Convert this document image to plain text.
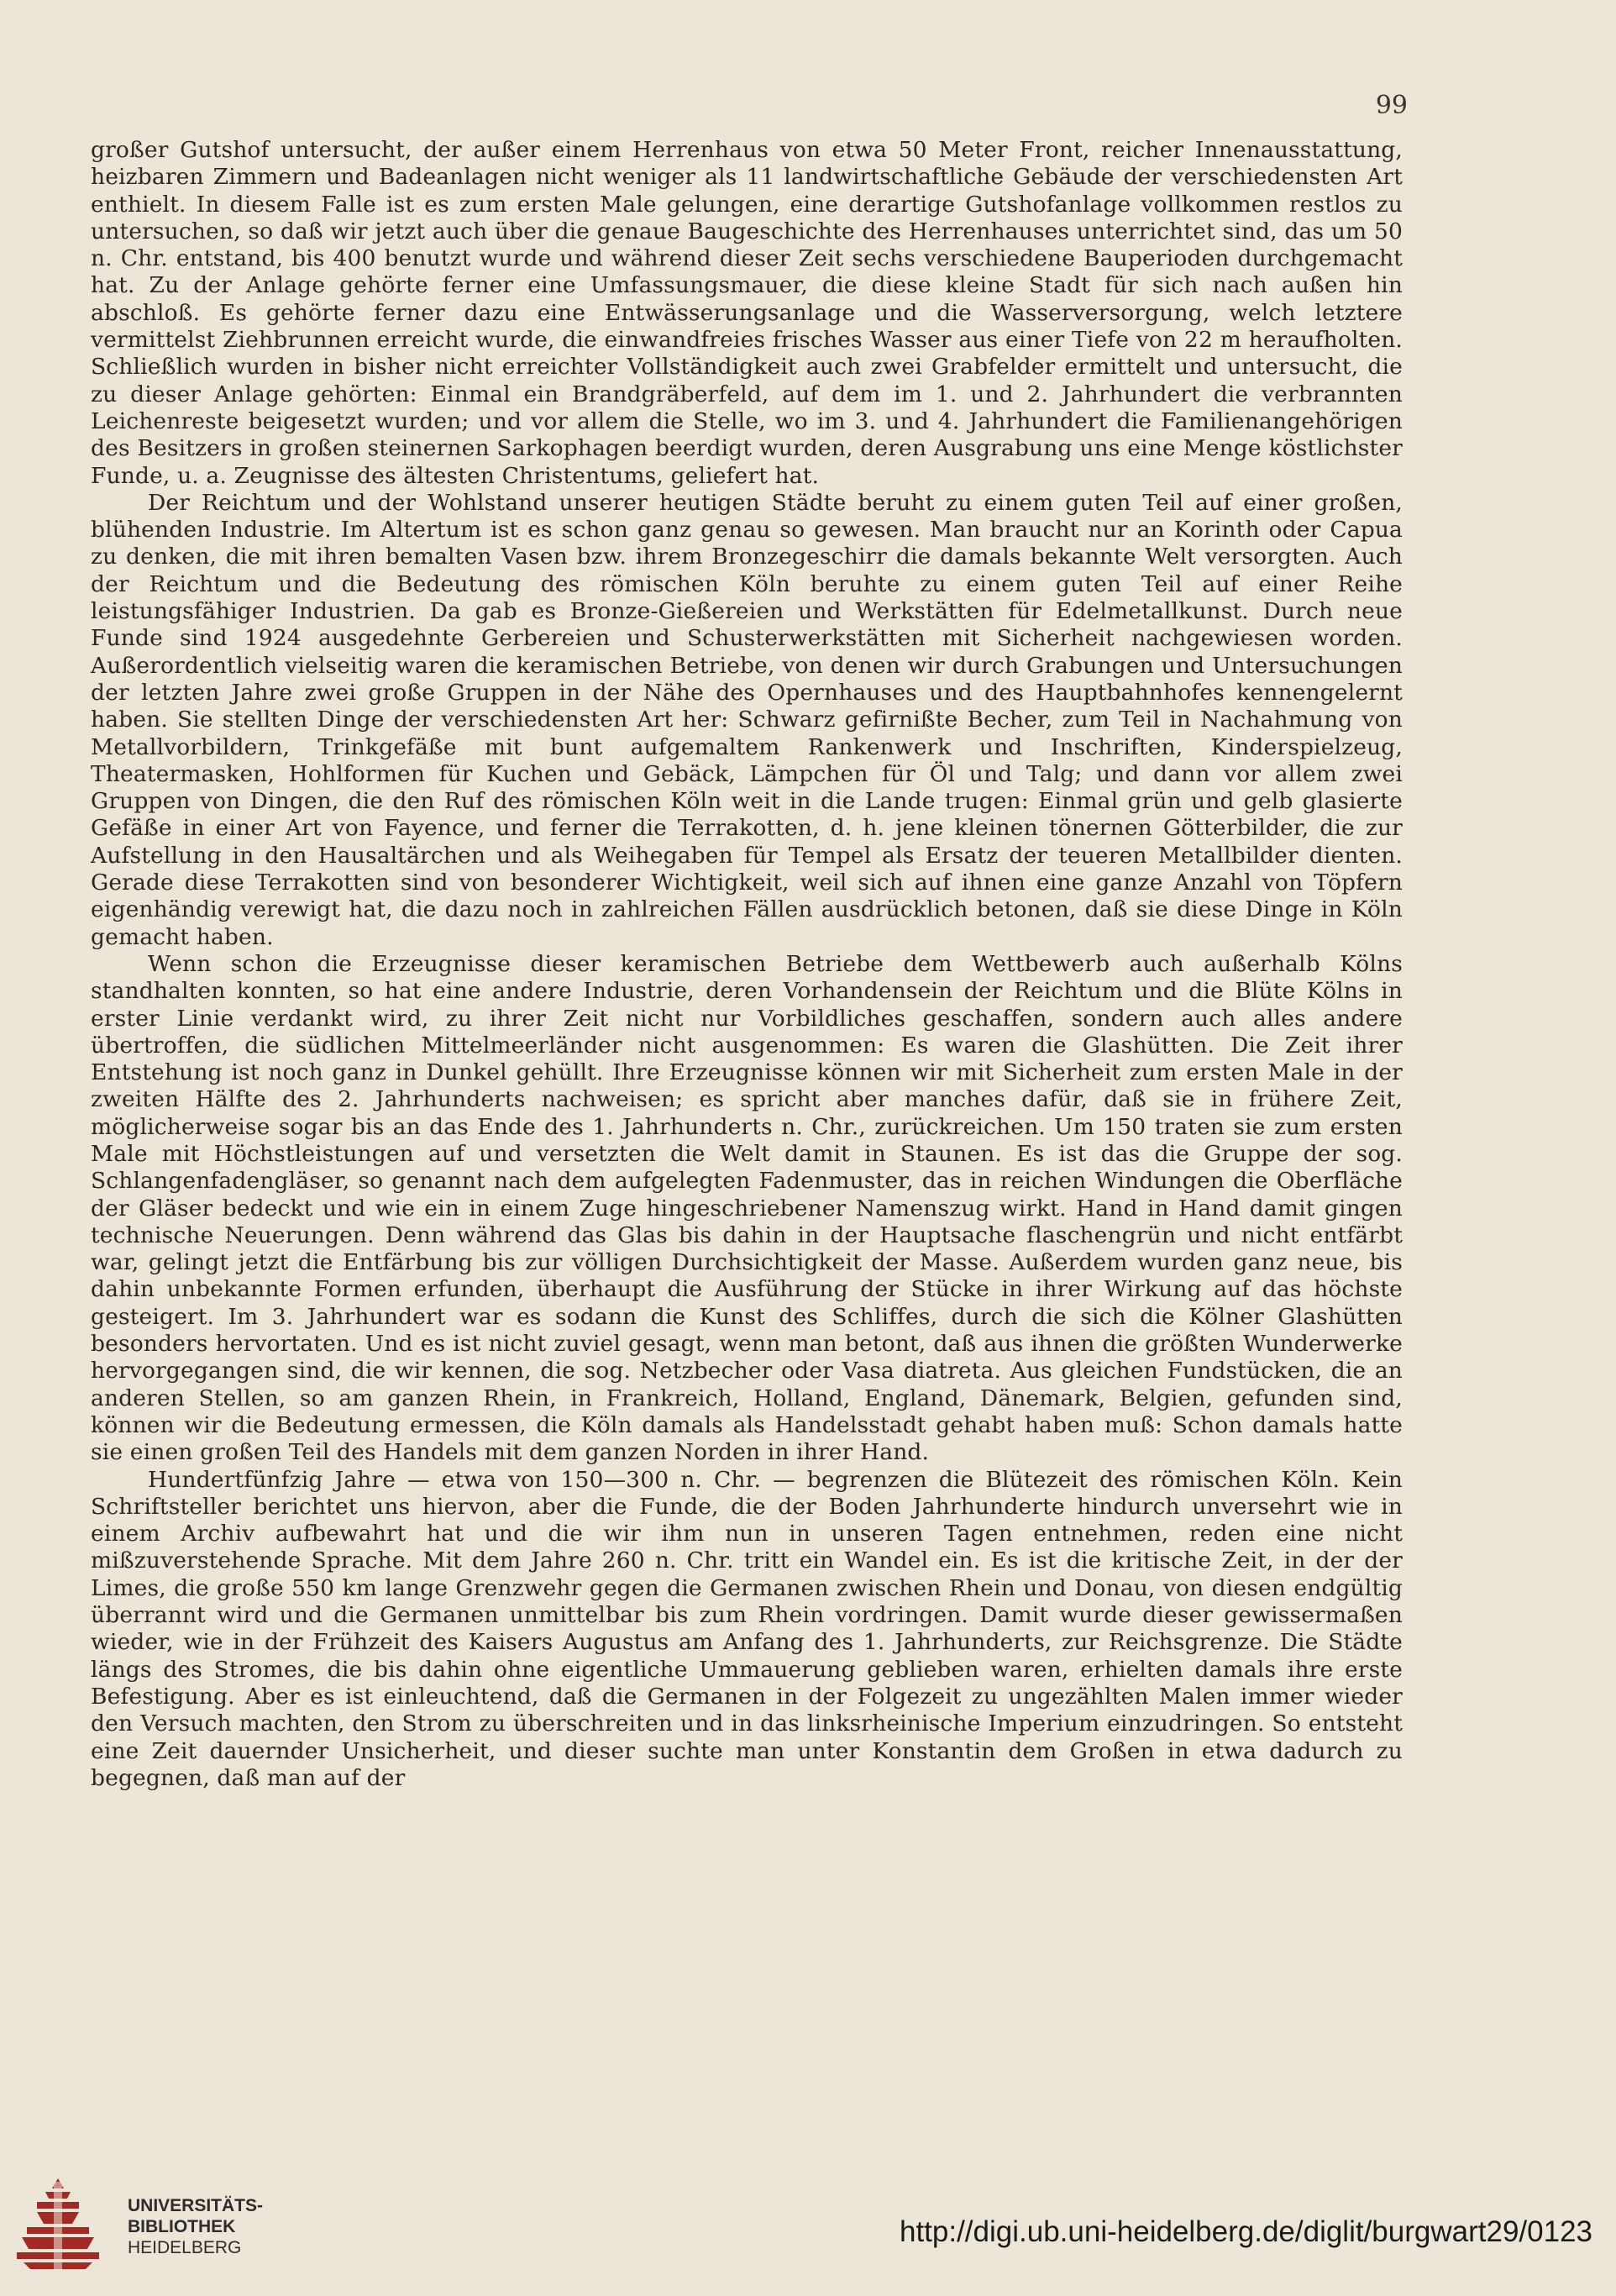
99

großer Gutshof untersucht, der außer einem Herrenhaus von etwa 50 Meter Front, reicher Innenausstattung, heizbaren Zimmern und Badeanlagen nicht weniger als 11 landwirtschaftliche Gebäude der verschiedensten Art enthielt. In diesem Falle ist es zum ersten Male gelungen, eine derartige Gutshofanlage vollkommen restlos zu untersuchen, so daß wir jetzt auch über die genaue Baugeschichte des Herrenhauses unterrichtet sind, das um 50 n. Chr. entstand, bis 400 benutzt wurde und während dieser Zeit sechs verschiedene Bauperioden durchgemacht hat. Zu der Anlage gehörte ferner eine Umfassungsmauer, die diese kleine Stadt für sich nach außen hin abschloß. Es gehörte ferner dazu eine Entwässerungsanlage und die Wasserversorgung, welch letztere vermittelst Ziehbrunnen erreicht wurde, die einwandfreies frisches Wasser aus einer Tiefe von 22 m heraufholten. Schließlich wurden in bisher nicht erreichter Vollständigkeit auch zwei Grabfelder ermittelt und untersucht, die zu dieser Anlage gehörten: Einmal ein Brandgräberfeld, auf dem im 1. und 2. Jahrhundert die verbrannten Leichenreste beigesetzt wurden; und vor allem die Stelle, wo im 3. und 4. Jahrhundert die Familienangehörigen des Besitzers in großen steinernen Sarkophagen beerdigt wurden, deren Ausgrabung uns eine Menge köstlichster Funde, u. a. Zeugnisse des ältesten Christentums, geliefert hat.

Der Reichtum und der Wohlstand unserer heutigen Städte beruht zu einem guten Teil auf einer großen, blühenden Industrie. Im Altertum ist es schon ganz genau so gewesen. Man braucht nur an Korinth oder Capua zu denken, die mit ihren bemalten Vasen bzw. ihrem Bronzegeschirr die damals bekannte Welt versorgten. Auch der Reichtum und die Bedeutung des römischen Köln beruhte zu einem guten Teil auf einer Reihe leistungsfähiger Industrien. Da gab es Bronze-Gießereien und Werkstätten für Edelmetallkunst. Durch neue Funde sind 1924 ausgedehnte Gerbereien und Schusterwerkstätten mit Sicherheit nachgewiesen worden. Außerordentlich vielseitig waren die keramischen Betriebe, von denen wir durch Grabungen und Untersuchungen der letzten Jahre zwei große Gruppen in der Nähe des Opernhauses und des Hauptbahnhofes kennengelernt haben. Sie stellten Dinge der verschiedensten Art her: Schwarz gefirnißte Becher, zum Teil in Nachahmung von Metallvorbildern, Trinkgefäße mit bunt aufgemaltem Rankenwerk und Inschriften, Kinderspielzeug, Theatermasken, Hohlformen für Kuchen und Gebäck, Lämpchen für Öl und Talg; und dann vor allem zwei Gruppen von Dingen, die den Ruf des römischen Köln weit in die Lande trugen: Einmal grün und gelb glasierte Gefäße in einer Art von Fayence, und ferner die Terrakotten, d. h. jene kleinen tönernen Götterbilder, die zur Aufstellung in den Hausaltärchen und als Weihegaben für Tempel als Ersatz der teueren Metallbilder dienten. Gerade diese Terrakotten sind von besonderer Wichtigkeit, weil sich auf ihnen eine ganze Anzahl von Töpfern eigenhändig verewigt hat, die dazu noch in zahlreichen Fällen ausdrücklich betonen, daß sie diese Dinge in Köln gemacht haben.

Wenn schon die Erzeugnisse dieser keramischen Betriebe dem Wettbewerb auch außerhalb Kölns standhalten konnten, so hat eine andere Industrie, deren Vorhandensein der Reichtum und die Blüte Kölns in erster Linie verdankt wird, zu ihrer Zeit nicht nur Vorbildliches geschaffen, sondern auch alles andere übertroffen, die südlichen Mittelmeerländer nicht ausgenommen: Es waren die Glashütten. Die Zeit ihrer Entstehung ist noch ganz in Dunkel gehüllt. Ihre Erzeugnisse können wir mit Sicherheit zum ersten Male in der zweiten Hälfte des 2. Jahrhunderts nachweisen; es spricht aber manches dafür, daß sie in frühere Zeit, möglicherweise sogar bis an das Ende des 1. Jahrhunderts n. Chr., zurückreichen. Um 150 traten sie zum ersten Male mit Höchstleistungen auf und versetzten die Welt damit in Staunen. Es ist das die Gruppe der sog. Schlangenfadengläser, so genannt nach dem aufgelegten Fadenmuster, das in reichen Windungen die Oberfläche der Gläser bedeckt und wie ein in einem Zuge hingeschriebener Namenszug wirkt. Hand in Hand damit gingen technische Neuerungen. Denn während das Glas bis dahin in der Hauptsache flaschengrün und nicht entfärbt war, gelingt jetzt die Entfärbung bis zur völligen Durchsichtigkeit der Masse. Außerdem wurden ganz neue, bis dahin unbekannte Formen erfunden, überhaupt die Ausführung der Stücke in ihrer Wirkung auf das höchste gesteigert. Im 3. Jahrhundert war es sodann die Kunst des Schliffes, durch die sich die Kölner Glashütten besonders hervortaten. Und es ist nicht zuviel gesagt, wenn man betont, daß aus ihnen die größten Wunderwerke hervorgegangen sind, die wir kennen, die sog. Netzbecher oder Vasa diatreta. Aus gleichen Fundstücken, die an anderen Stellen, so am ganzen Rhein, in Frankreich, Holland, England, Dänemark, Belgien, gefunden sind, können wir die Bedeutung ermessen, die Köln damals als Handelsstadt gehabt haben muß: Schon damals hatte sie einen großen Teil des Handels mit dem ganzen Norden in ihrer Hand.

Hundertfünfzig Jahre — etwa von 150—300 n. Chr. — begrenzen die Blütezeit des römischen Köln. Kein Schriftsteller berichtet uns hiervon, aber die Funde, die der Boden Jahrhunderte hindurch unversehrt wie in einem Archiv aufbewahrt hat und die wir ihm nun in unseren Tagen entnehmen, reden eine nicht mißzuverstehende Sprache. Mit dem Jahre 260 n. Chr. tritt ein Wandel ein. Es ist die kritische Zeit, in der der Limes, die große 550 km lange Grenzwehr gegen die Germanen zwischen Rhein und Donau, von diesen endgültig überrannt wird und die Germanen unmittelbar bis zum Rhein vordringen. Damit wurde dieser gewissermaßen wieder, wie in der Frühzeit des Kaisers Augustus am Anfang des 1. Jahrhunderts, zur Reichsgrenze. Die Städte längs des Stromes, die bis dahin ohne eigentliche Ummauerung geblieben waren, erhielten damals ihre erste Befestigung. Aber es ist einleuchtend, daß die Germanen in der Folgezeit zu ungezählten Malen immer wieder den Versuch machten, den Strom zu überschreiten und in das linksrheinische Imperium einzudringen. So entsteht eine Zeit dauernder Unsicherheit, und dieser suchte man unter Konstantin dem Großen in etwa dadurch zu begegnen, daß man auf der

UNIVERSITÄTS-
BIBLIOTHEK
HEIDELBERG	http://digi.ub.uni-heidelberg.de/diglit/burgwart29/0123
